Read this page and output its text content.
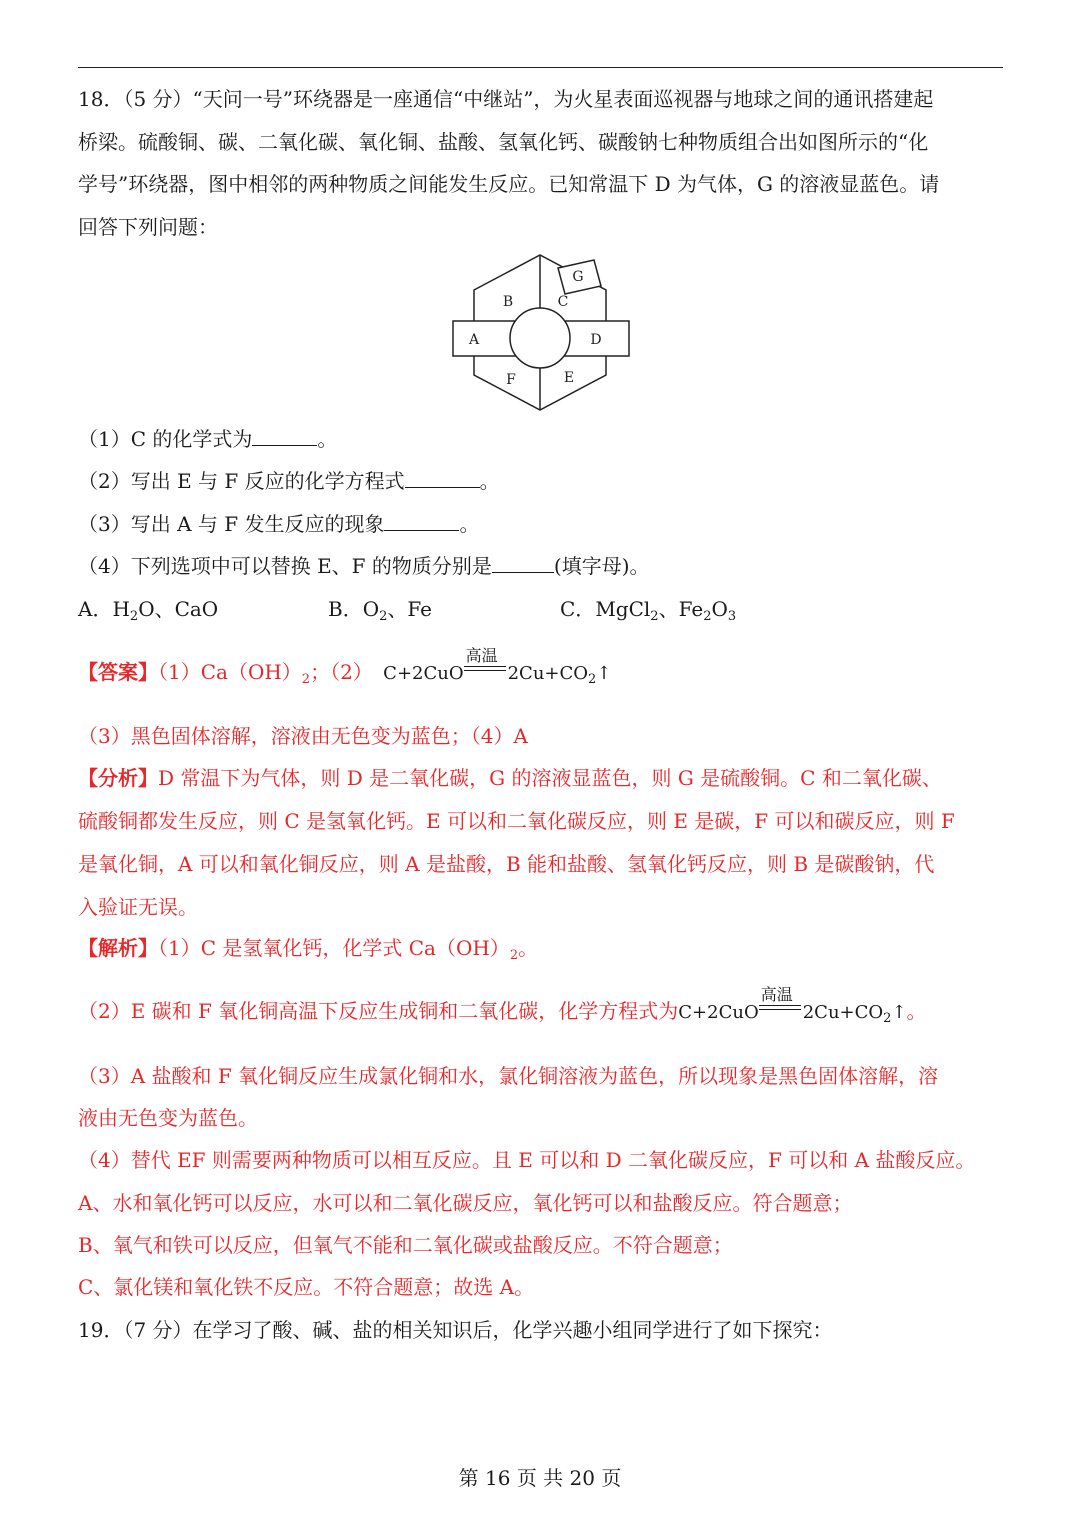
18．（5 分）“天问一号”环绕器是一座通信“中继站”，为火星表面巡视器与地球之间的通讯搭建起
桥梁。硫酸铜、碳、二氧化碳、氧化铜、盐酸、氢氧化钙、碳酸钠七种物质组合出如图所示的“化
学号”环绕器，图中相邻的两种物质之间能发生反应。已知常温下 D 为气体，G 的溶液显蓝色。请
回答下列问题：
B	C
G
A	D
F	E
（1）C 的化学式为	。
（2）写出 E 与 F 反应的化学方程式	。
（3）写出 A 与 F 发生反应的现象	。
（4）下列选项中可以替换 E、F 的物质分别是	(填字母)。
A．$H_2O$、CaO	B．$O_2$、Fe	C．MgCl$_2$、$Fe_2O_3$
【答案】$(1)Ca(OH)_2$；（2） C+2CuO
高温
$2Cu+CO_2↑$
（3）黑色固体溶解，溶液由无色变为蓝色；（4）A
【分析】D 常温下为气体，则 D 是二氧化碳，G 的溶液显蓝色，则 G 是硫酸铜。C 和二氧化碳、
硫酸铜都发生反应，则 C 是氢氧化钙。E 可以和二氧化碳反应，则 E 是碳，F 可以和碳反应，则 F
是氧化铜，A 可以和氧化铜反应，则 A 是盐酸，B 能和盐酸、氢氧化钙反应，则 B 是碳酸钠，代
入验证无误。
【解析】（1）C 是氢氧化钙，化学式 $Ca(OH)_2$。
（2）E 碳和 F 氧化铜高温下反应生成铜和二氧化碳，化学方程式为C+2CuO
高温
$2Cu+CO_2↑$。
（3）A 盐酸和 F 氧化铜反应生成氯化铜和水，氯化铜溶液为蓝色，所以现象是黑色固体溶解，溶
液由无色变为蓝色。
（4）替代 EF 则需要两种物质可以相互反应。且 E 可以和 D 二氧化碳反应，F 可以和 A 盐酸反应。
A、水和氧化钙可以反应，水可以和二氧化碳反应，氧化钙可以和盐酸反应。符合题意；
B、氧气和铁可以反应，但氧气不能和二氧化碳或盐酸反应。不符合题意；
C、氯化镁和氧化铁不反应。不符合题意；故选 A。
19．（7 分）在学习了酸、碱、盐的相关知识后，化学兴趣小组同学进行了如下探究：
第 16 页 共 20 页
